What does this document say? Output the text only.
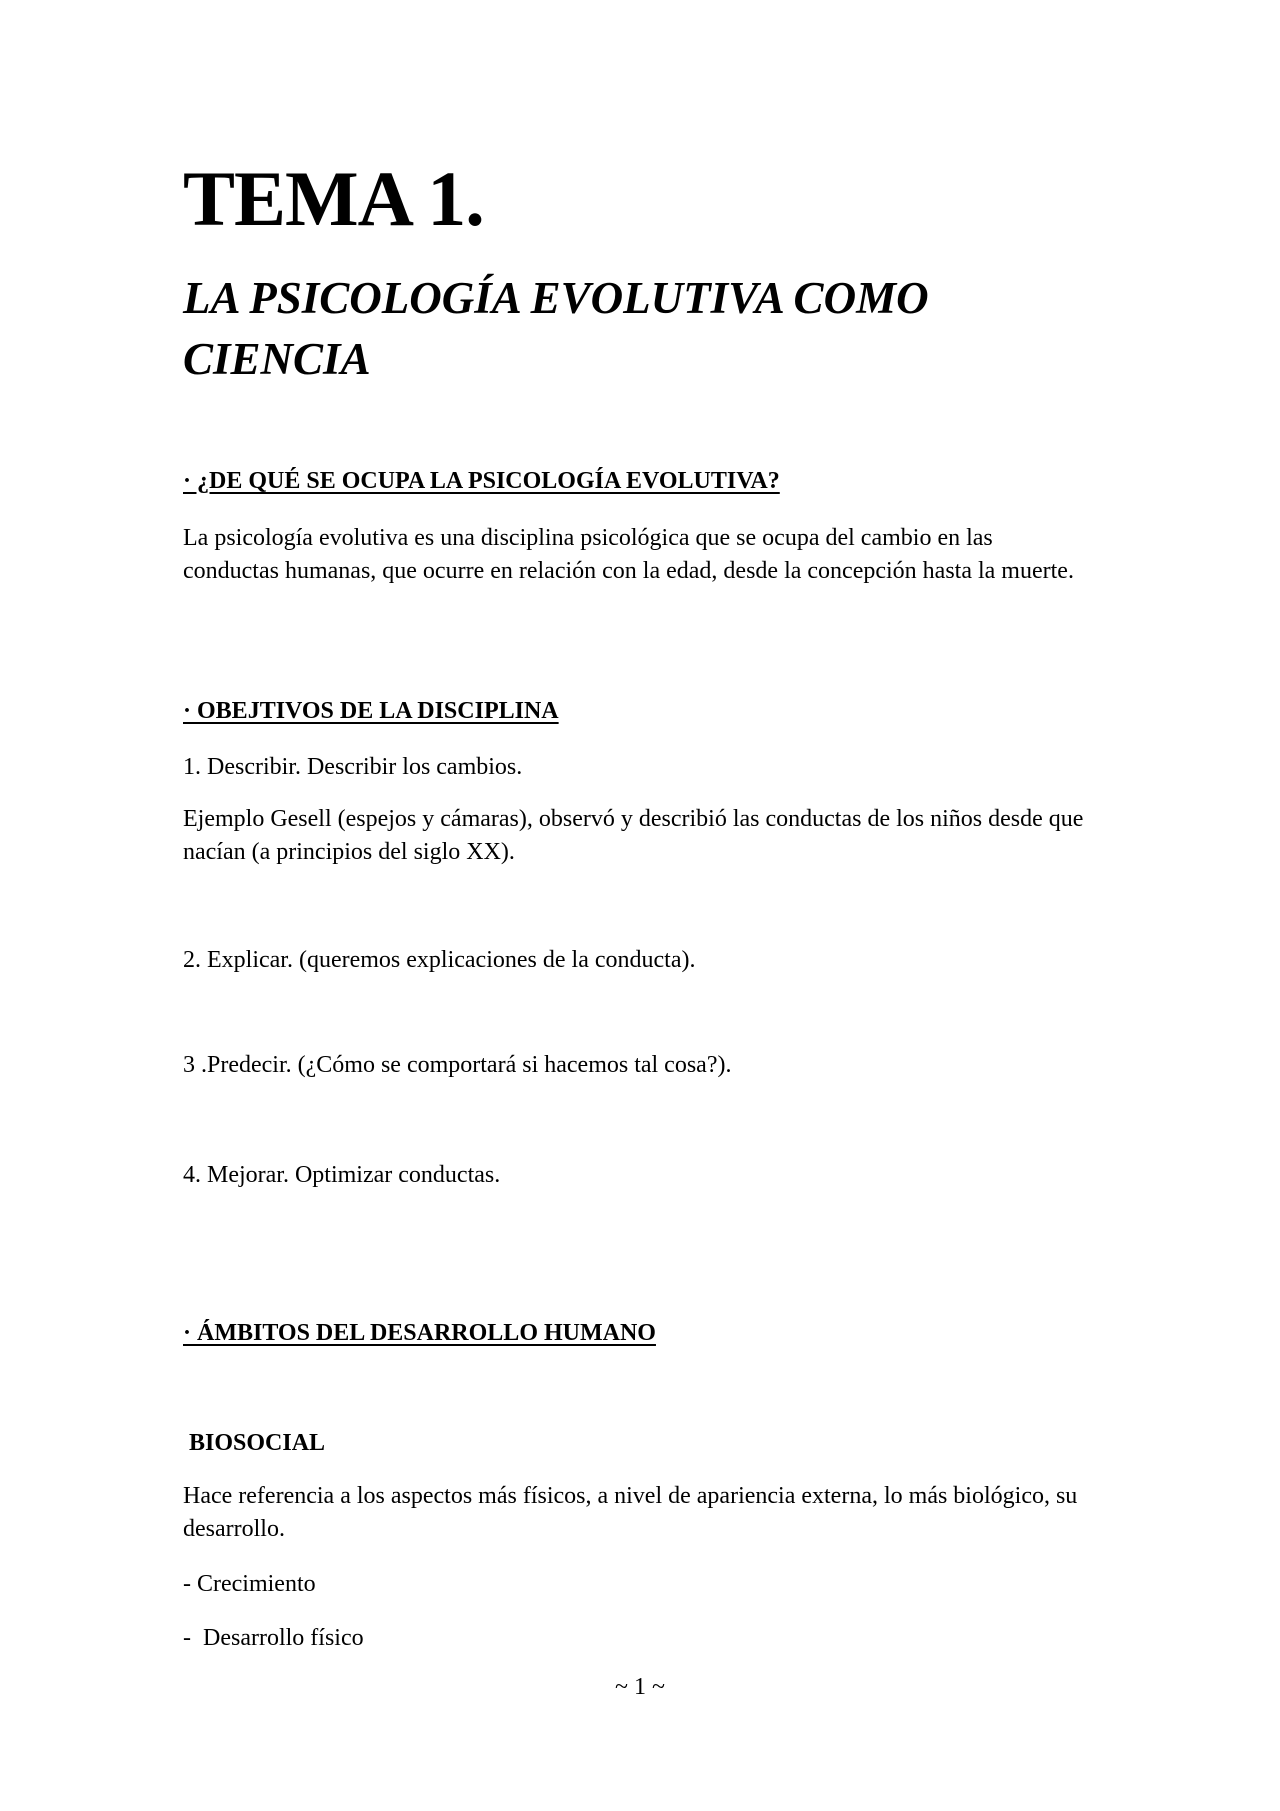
TEMA 1.
LA PSICOLOGÍA EVOLUTIVA COMO CIENCIA
· ¿DE QUÉ SE OCUPA LA PSICOLOGÍA EVOLUTIVA?

La psicología evolutiva es una disciplina psicológica que se ocupa del cambio en las conductas humanas, que ocurre en relación con la edad, desde la concepción hasta la muerte.

· OBEJTIVOS DE LA DISCIPLINA

1. Describir. Describir los cambios.

Ejemplo Gesell (espejos y cámaras), observó y describió las conductas de los niños desde que nacían (a principios del siglo XX).

2. Explicar. (queremos explicaciones de la conducta).

3 .Predecir. (¿Cómo se comportará si hacemos tal cosa?).

4. Mejorar. Optimizar conductas.

· ÁMBITOS DEL DESARROLLO HUMANO
BIOSOCIAL

Hace referencia a los aspectos más físicos, a nivel de apariencia externa, lo más biológico, su desarrollo.

- Crecimiento

-  Desarrollo físico

~ 1 ~
